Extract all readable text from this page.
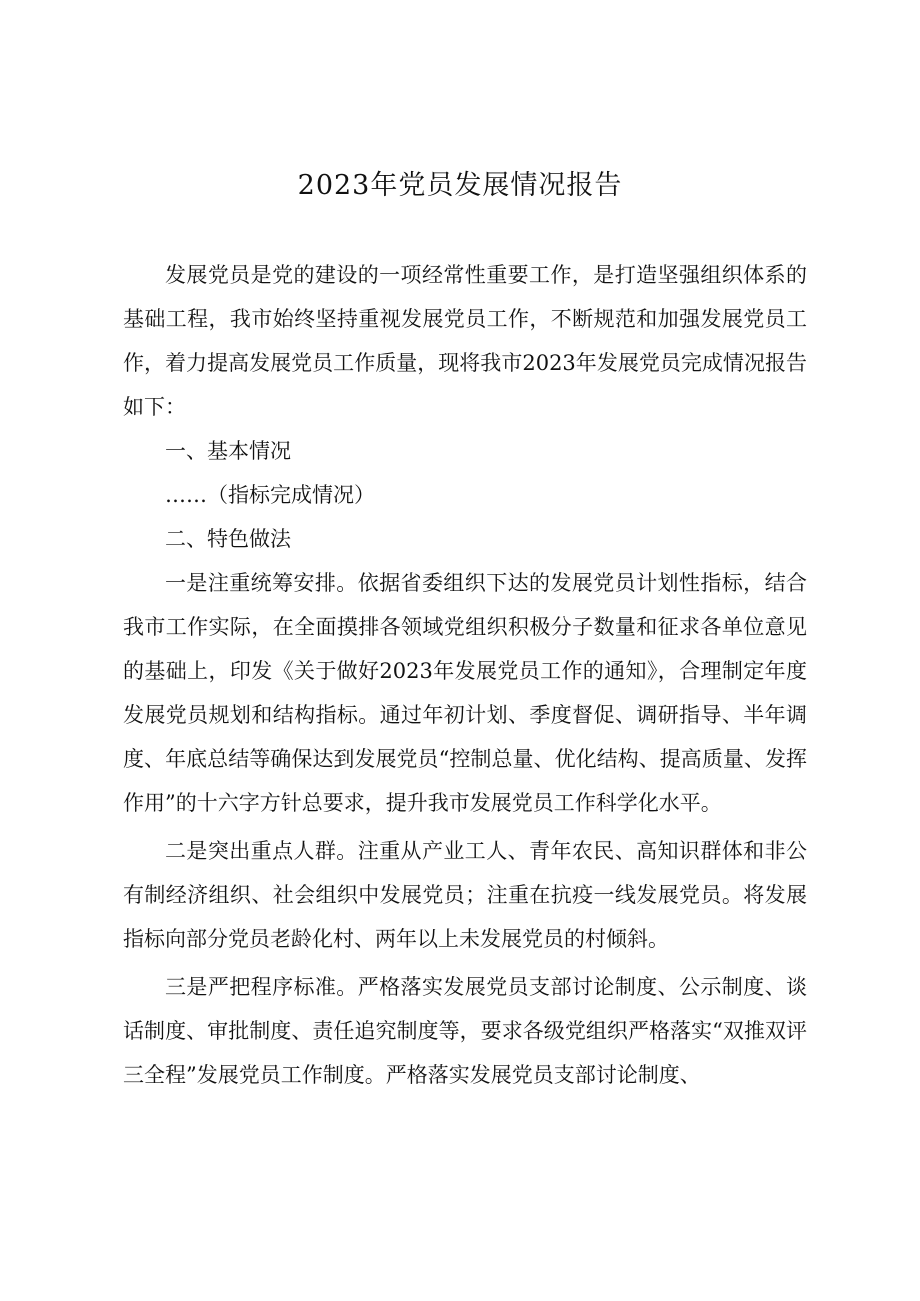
2023年党员发展情况报告

发展党员是党的建设的一项经常性重要工作，是打造坚强组织体系的基础工程，我市始终坚持重视发展党员工作，不断规范和加强发展党员工作，着力提高发展党员工作质量，现将我市2023年发展党员完成情况报告如下：

一、基本情况

……（指标完成情况）

二、特色做法

一是注重统筹安排。依据省委组织下达的发展党员计划性指标，结合我市工作实际，在全面摸排各领域党组织积极分子数量和征求各单位意见的基础上，印发《关于做好2023年发展党员工作的通知》，合理制定年度发展党员规划和结构指标。通过年初计划、季度督促、调研指导、半年调度、年底总结等确保达到发展党员“控制总量、优化结构、提高质量、发挥作用”的十六字方针总要求，提升我市发展党员工作科学化水平。

二是突出重点人群。注重从产业工人、青年农民、高知识群体和非公有制经济组织、社会组织中发展党员；注重在抗疫一线发展党员。将发展指标向部分党员老龄化村、两年以上未发展党员的村倾斜。

三是严把程序标准。严格落实发展党员支部讨论制度、公示制度、谈话制度、审批制度、责任追究制度等，要求各级党组织严格落实“双推双评三全程”发展党员工作制度。严格落实发展党员支部讨论制度、
